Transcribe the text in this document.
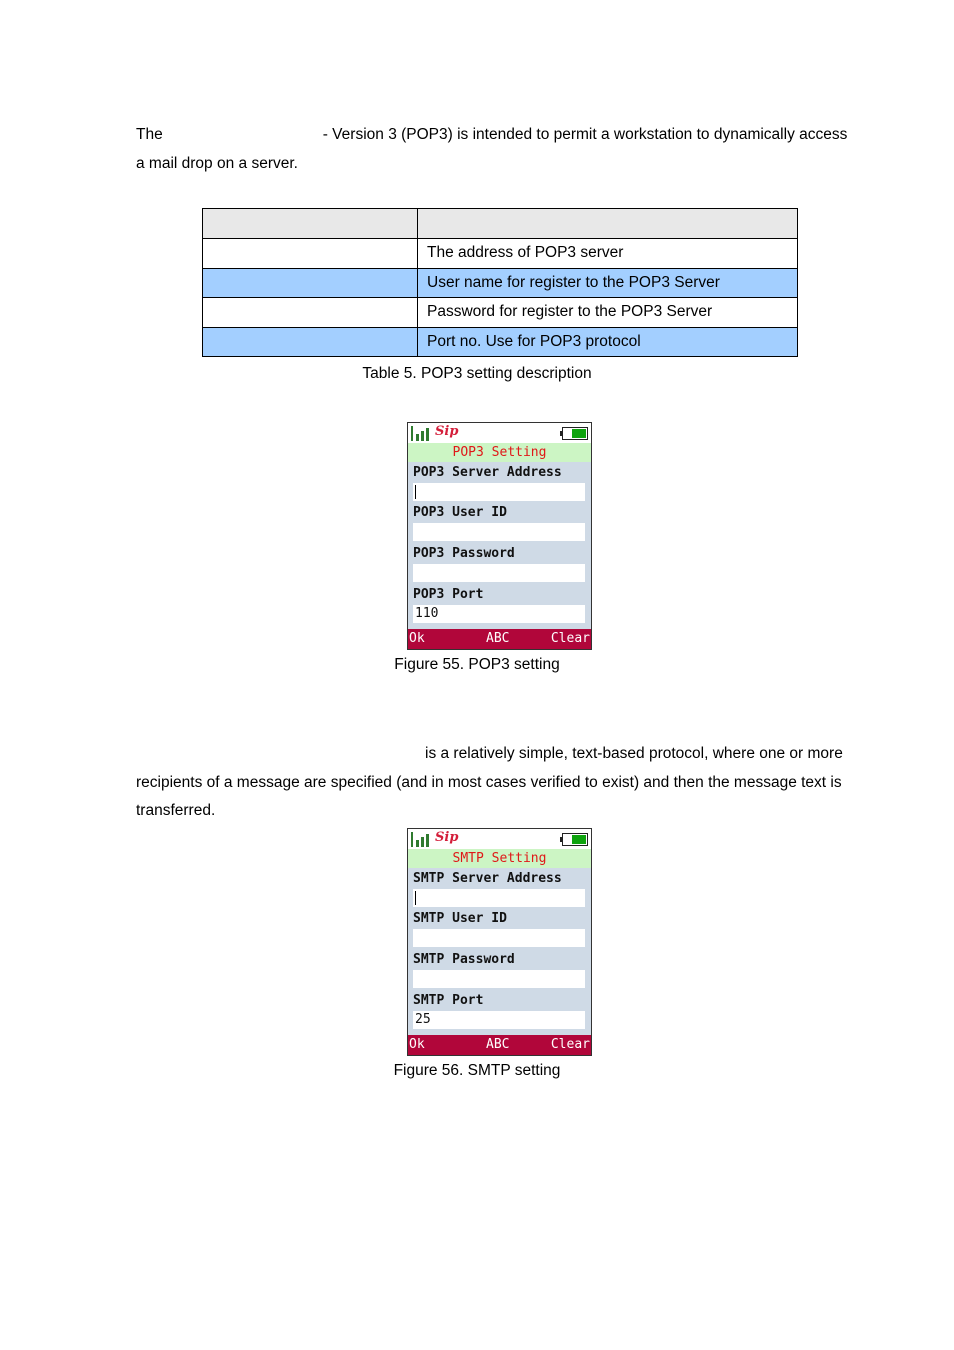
The	- Version 3 (POP3) is intended to permit a workstation to dynamically access
a mail drop on a server.

	The address of POP3 server
	User name for register to the POP3 Server
	Password for register to the POP3 Server
	Port no. Use for POP3 protocol

Table 5. POP3 setting description

Sip
POP3 Setting
POP3 Server Address
POP3 User ID
POP3 Password
POP3 Port
110
Ok	ABC	Clear

Figure 55. POP3 setting

is a relatively simple, text-based protocol, where one or more
recipients of a message are specified (and in most cases verified to exist) and then the message text is
transferred.

Sip
SMTP Setting
SMTP Server Address
SMTP User ID
SMTP Password
SMTP Port
25
Ok	ABC	Clear

Figure 56. SMTP setting
